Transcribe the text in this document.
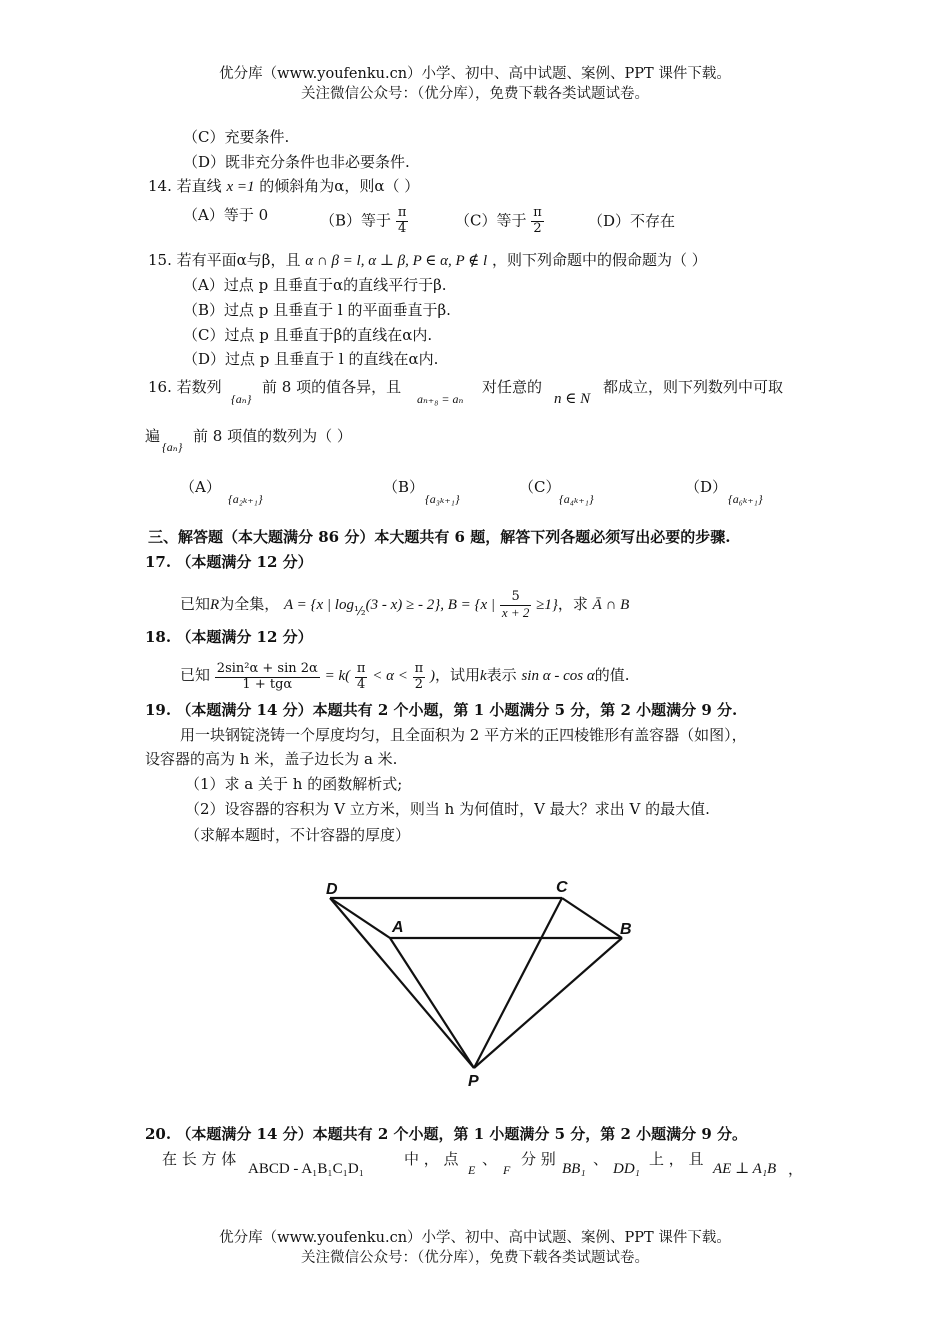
优分库（www.youfenku.cn）小学、初中、高中试题、案例、PPT 课件下载。
关注微信公众号：（优分库），免费下载各类试题试卷。
（C）充要条件.
（D）既非充分条件也非必要条件.
14. 若直线 x =1 的倾斜角为α，则α（ ）
（A）等于 0	（B）等于 $\frac{\pi}{4}$	（C）等于 $\frac{\pi}{2}$	（D）不存在
15. 若有平面α与β，且 α ∩ β = l, α ⊥ β, P ∈ α, P ∉ l ，则下列命题中的假命题为（ ）
（A）过点 p 且垂直于α的直线平行于β.
（B）过点 p 且垂直于 l 的平面垂直于β.
（C）过点 p 且垂直于β的直线在α内.
（D）过点 p 且垂直于 l 的直线在α内.
16. 若数列
{aₙ}
前 8 项的值各异，且
aₙ₊₈ = aₙ
对任意的
n ∈ N
都成立，则下列数列中可取
遍
{aₙ}
前 8 项值的数列为（ ）
（A）
{a₂ₖ₊₁}
（B）
{a₃ₖ₊₁}
（C）
{a₄ₖ₊₁}
（D）
{a₆ₖ₊₁}
三、解答题（本大题满分 86 分）本大题共有 6 题，解答下列各题必须写出必要的步骤.
17. （本题满分 12 分）
已知R为全集， A = {x | $\log_{\frac{1}{2}}(3 - x)$ ≥ - 2}, B = {x | $\frac{5}{x + 2} \ge 1$}，求 Ā ∩ B
18. （本题满分 12 分）
已知 $\frac{\text{2sin²α + sin 2α}}{\text{1 + tgα}} = k( \frac{\pi}{4} < \alpha < \frac{\pi}{2}$ )，试用k表示 sin α - cos α的值.
19. （本题满分 14 分）本题共有 2 个小题，第 1 小题满分 5 分，第 2 小题满分 9 分.
用一块钢锭浇铸一个厚度均匀，且全面积为 2 平方米的正四棱锥形有盖容器（如图），
设容器的高为 h 米，盖子边长为 a 米.
（1）求 a 关于 h 的函数解析式;
（2）设容器的容积为 V 立方米，则当 h 为何值时，V 最大？求出 V 的最大值.
（求解本题时，不计容器的厚度）
D	C
A	B
P
20. （本题满分 14 分）本题共有 2 个小题，第 1 小题满分 5 分，第 2 小题满分 9 分。
在 长 方 体
ABCD - A₁B₁C₁D₁
中 ， 点
E
、
F
分 别
BB₁
、
DD₁
上 ， 且
AE ⊥ A₁B ，
优分库（www.youfenku.cn）小学、初中、高中试题、案例、PPT 课件下载。
关注微信公众号：（优分库），免费下载各类试题试卷。
